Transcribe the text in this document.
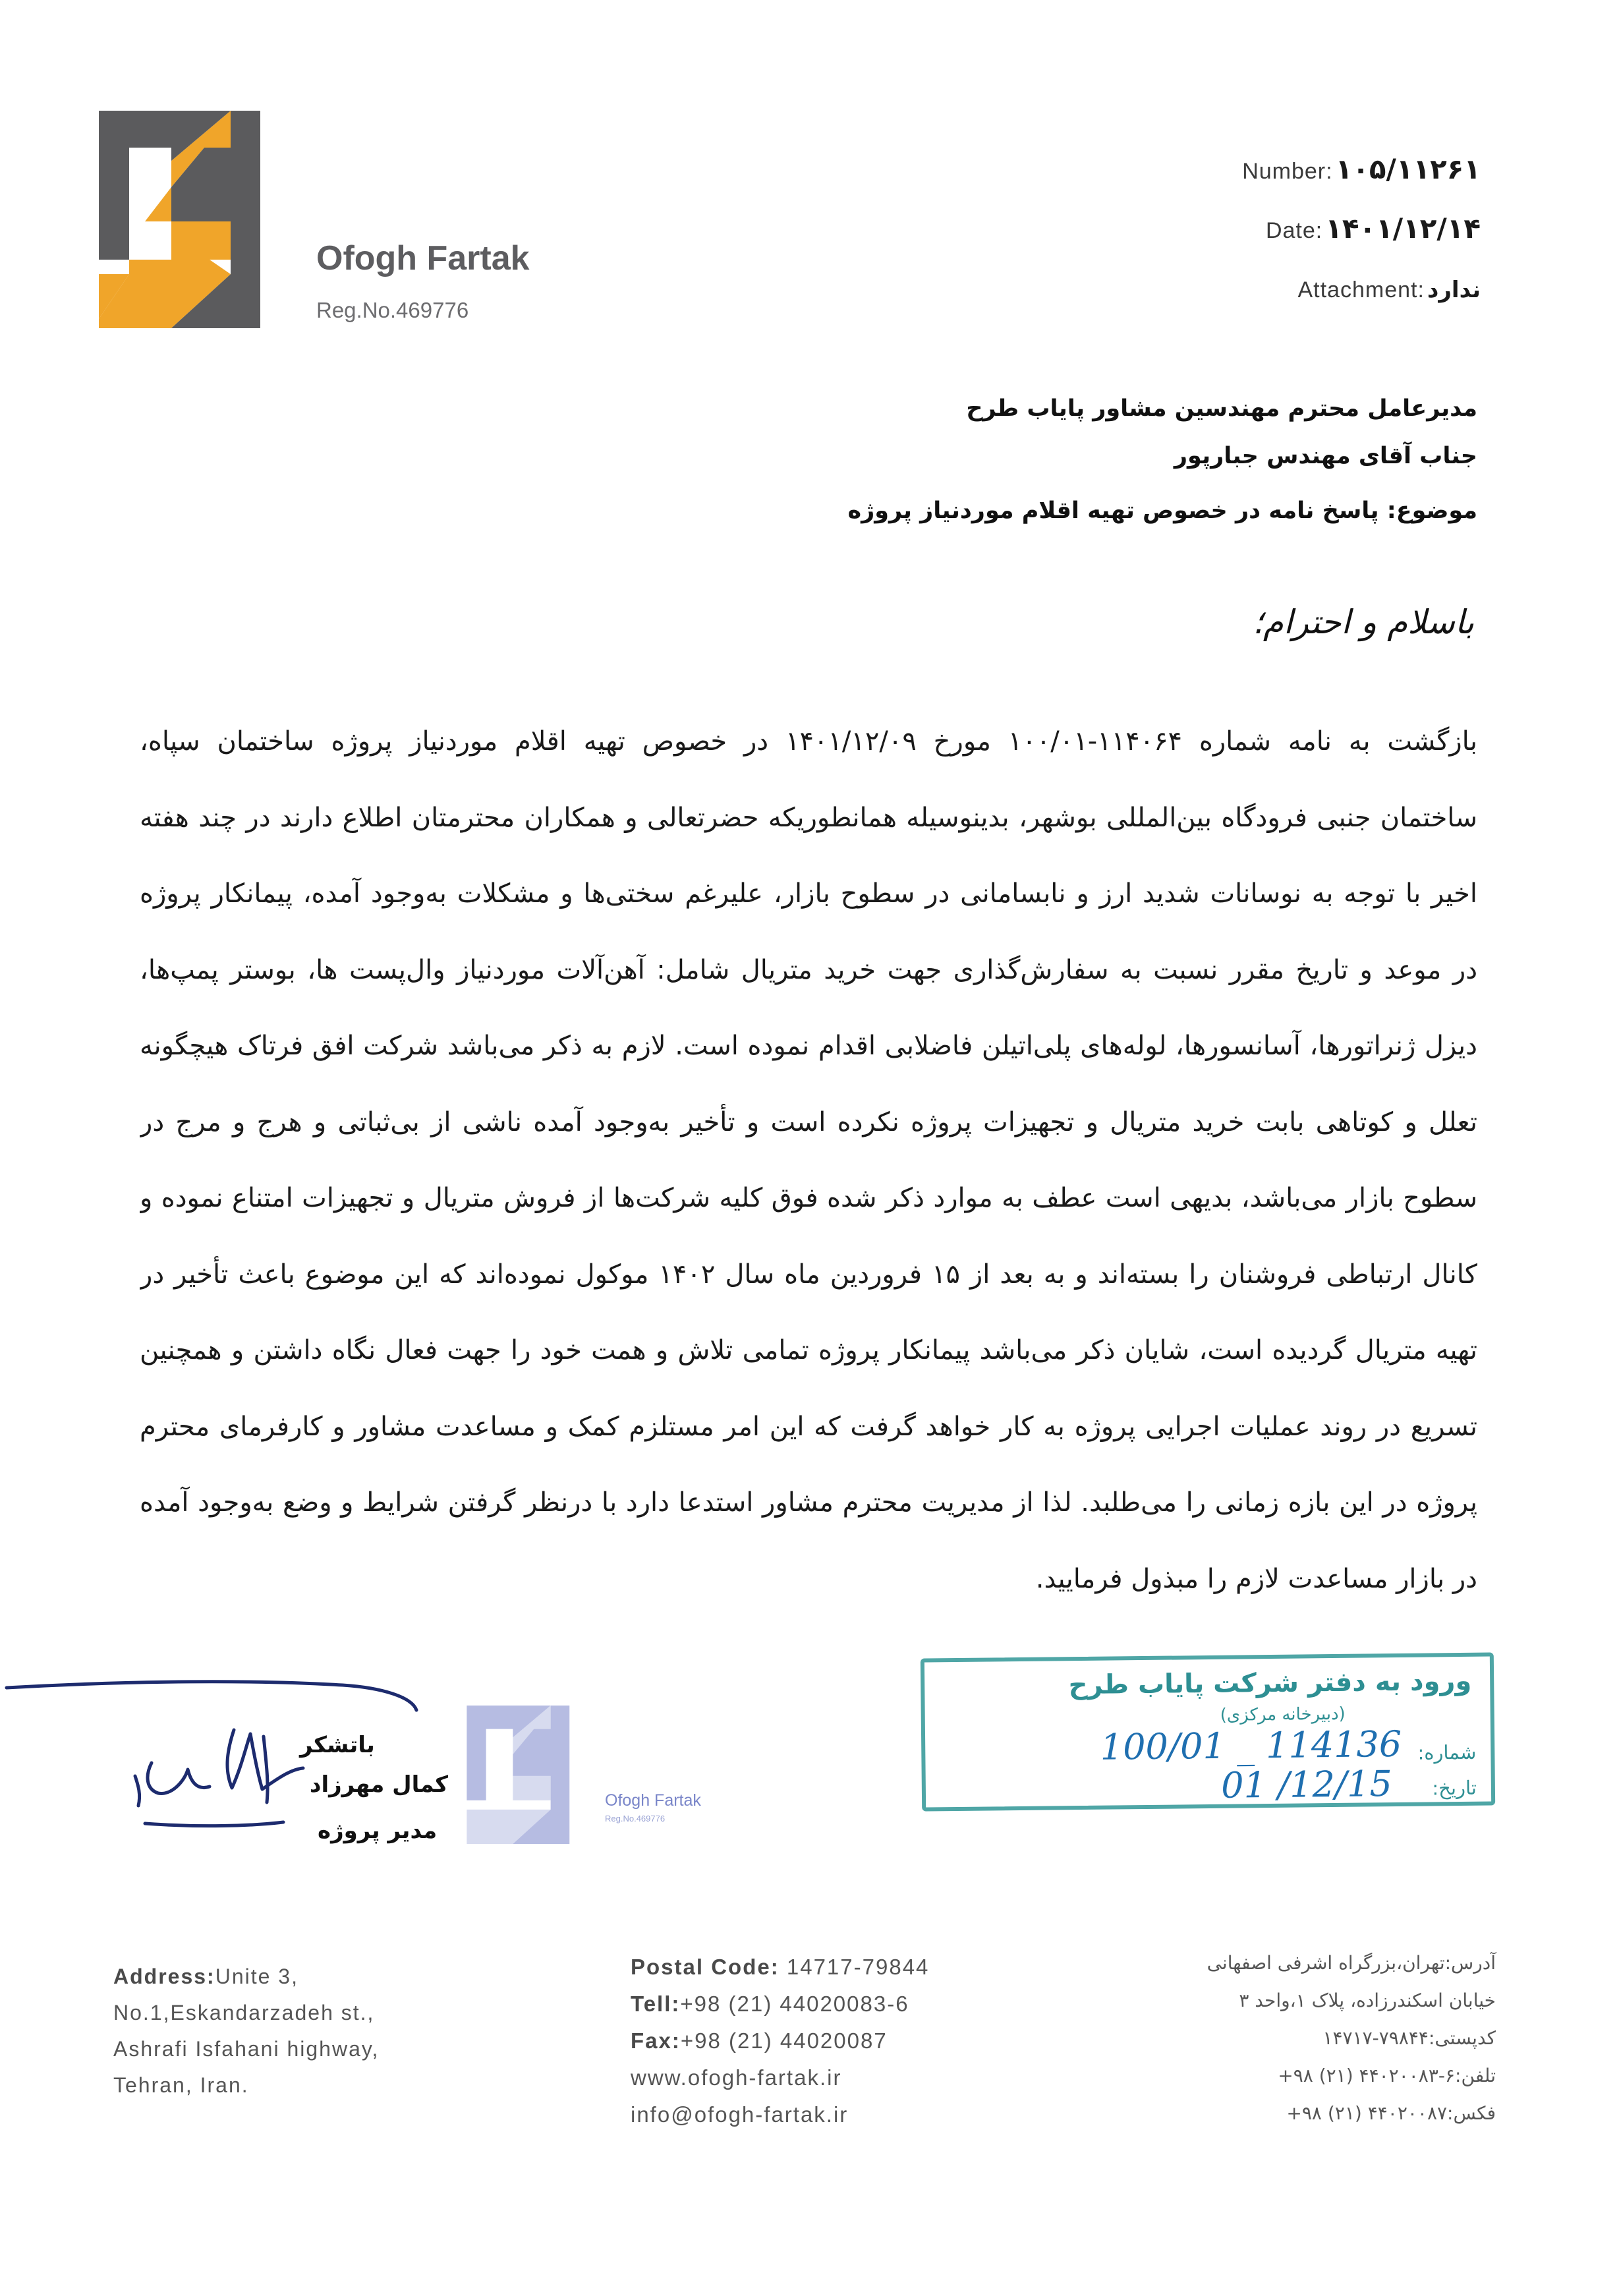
Ofogh Fartak
Reg.No.469776
Number:۱۰۵/۱۱۲۶۱
Date:۱۴۰۱/۱۲/۱۴
Attachment: ندارد
مدیرعامل محترم مهندسین مشاور پایاب طرح
جناب آقای مهندس جبارپور
موضوع: پاسخ نامه در خصوص تهیه اقلام موردنیاز پروژه
باسلام و احترام؛
بازگشت به نامه شماره ۱۱۴۰۶۴-۱۰۰/۰۱ مورخ ۱۴۰۱/۱۲/۰۹ در خصوص تهیه اقلام موردنیاز پروژه ساختمان سپاه،
ساختمان جنبی فرودگاه بین‌المللی بوشهر، بدینوسیله همانطوریکه حضرتعالی و همکاران محترمتان اطلاع دارند در چند هفته
اخیر با توجه به نوسانات شدید ارز و نابسامانی در سطوح بازار، علیرغم سختی‌ها و مشکلات به‌وجود آمده، پیمانکار پروژه
در موعد و تاریخ مقرر نسبت به سفارش‌گذاری جهت خرید متریال شامل: آهن‌آلات موردنیاز وال‌پست ها، بوستر پمپ‌ها،
دیزل ژنراتورها، آسانسورها، لوله‌های پلی‌اتیلن فاضلابی اقدام نموده است. لازم به ذکر می‌باشد شرکت افق فرتاک هیچگونه
تعلل و کوتاهی بابت خرید متریال و تجهیزات پروژه نکرده است و تأخیر به‌وجود آمده ناشی از بی‌ثباتی و هرج و مرج در
سطوح بازار می‌باشد، بدیهی است عطف به موارد ذکر شده فوق کلیه شرکت‌ها از فروش متریال و تجهیزات امتناع نموده و
کانال ارتباطی فروشنان را بسته‌اند و به بعد از ۱۵ فروردین ماه سال ۱۴۰۲ موکول نموده‌اند که این موضوع باعث تأخیر در
تهیه متریال گردیده است، شایان ذکر می‌باشد پیمانکار پروژه تمامی تلاش و همت خود را جهت فعال نگاه داشتن و همچنین
تسریع در روند عملیات اجرایی پروژه به کار خواهد گرفت که این امر مستلزم کمک و مساعدت مشاور و کارفرمای محترم
پروژه در این بازه زمانی را می‌طلبد. لذا از مدیریت محترم مشاور استدعا دارد با درنظر گرفتن شرایط و وضع به‌وجود آمده
در بازار مساعدت لازم را مبذول فرمایید.
باتشکر
کمال مهرزاد
مدیر پروژه
Ofogh Fartak
Reg.No.469776
ورود به دفتر شرکت پایاب طرح
(دبیرخانه مرکزی)
شماره:
100/01 _ 114136
تاریخ:
01 /12/15
Address:Unite 3,
No.1,Eskandarzadeh st.,
Ashrafi Isfahani highway,
Tehran, Iran.
Postal Code: 14717-79844
Tell:+98 (21) 44020083-6
Fax:+98 (21) 44020087
www.ofogh-fartak.ir
info@ofogh-fartak.ir
آدرس:تهران،بزرگراه اشرفی اصفهانی
خیابان اسکندرزاده، پلاک ۱،واحد ۳
کدپستی:۷۹۸۴۴-۱۴۷۱۷
تلفن:۶-۴۴۰۲۰۰۸۳ (۲۱) ۹۸+
فکس:۴۴۰۲۰۰۸۷ (۲۱) ۹۸+
